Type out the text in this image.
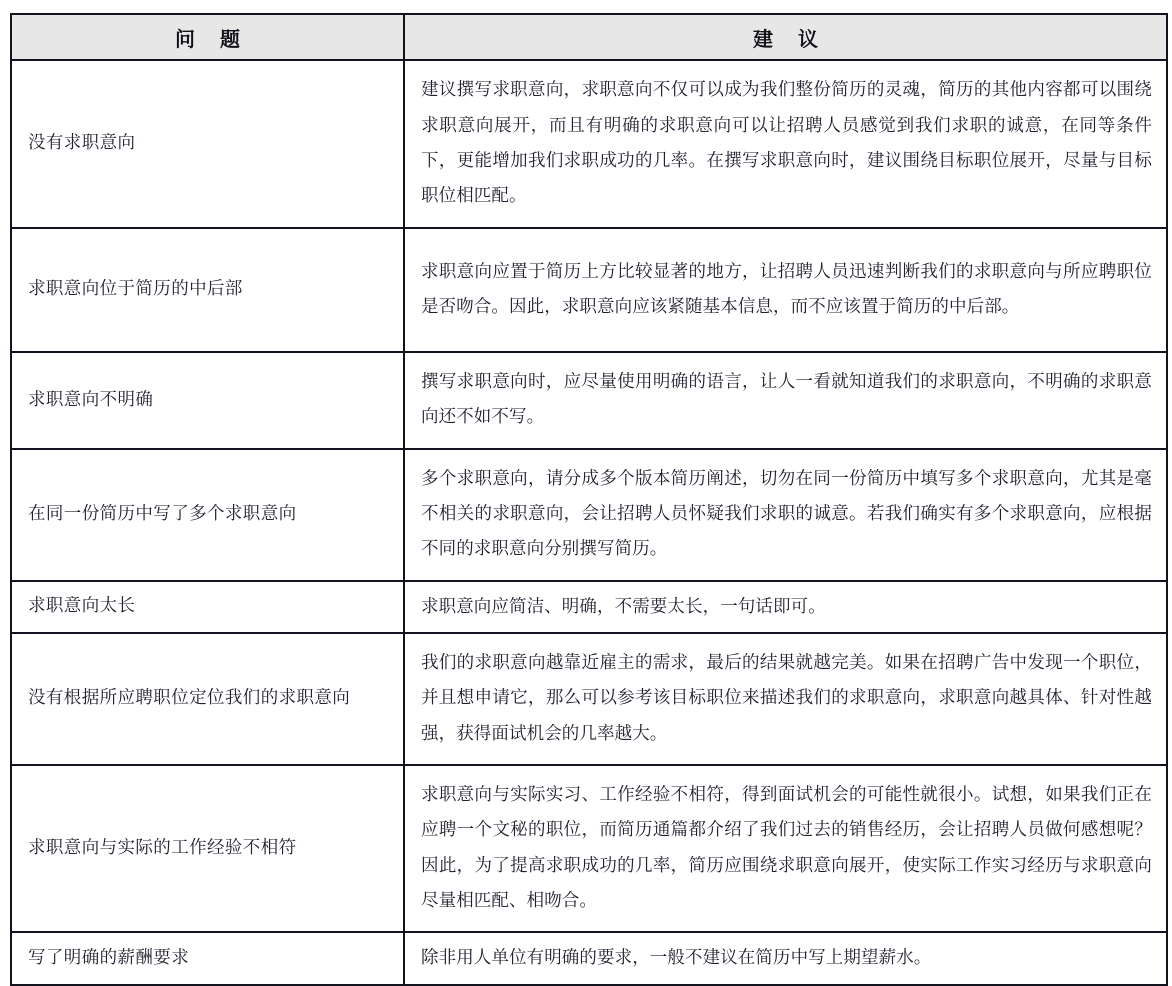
问 题	建 议
没有求职意向	建议撰写求职意向，求职意向不仅可以成为我们整份简历的灵魂，简历的其他内容都可以围绕求职意向展开，而且有明确的求职意向可以让招聘人员感觉到我们求职的诚意，在同等条件下，更能增加我们求职成功的几率。在撰写求职意向时，建议围绕目标职位展开，尽量与目标职位相匹配。
求职意向位于简历的中后部	求职意向应置于简历上方比较显著的地方，让招聘人员迅速判断我们的求职意向与所应聘职位是否吻合。因此，求职意向应该紧随基本信息，而不应该置于简历的中后部。
求职意向不明确	撰写求职意向时，应尽量使用明确的语言，让人一看就知道我们的求职意向，不明确的求职意向还不如不写。
在同一份简历中写了多个求职意向	多个求职意向，请分成多个版本简历阐述，切勿在同一份简历中填写多个求职意向，尤其是毫不相关的求职意向，会让招聘人员怀疑我们求职的诚意。若我们确实有多个求职意向，应根据不同的求职意向分别撰写简历。
求职意向太长	求职意向应简洁、明确，不需要太长，一句话即可。
没有根据所应聘职位定位我们的求职意向	我们的求职意向越靠近雇主的需求，最后的结果就越完美。如果在招聘广告中发现一个职位，并且想申请它，那么可以参考该目标职位来描述我们的求职意向，求职意向越具体、针对性越强，获得面试机会的几率越大。
求职意向与实际的工作经验不相符	求职意向与实际实习、工作经验不相符，得到面试机会的可能性就很小。试想，如果我们正在应聘一个文秘的职位，而简历通篇都介绍了我们过去的销售经历，会让招聘人员做何感想呢？因此，为了提高求职成功的几率，简历应围绕求职意向展开，使实际工作实习经历与求职意向尽量相匹配、相吻合。
写了明确的薪酬要求	除非用人单位有明确的要求，一般不建议在简历中写上期望薪水。
